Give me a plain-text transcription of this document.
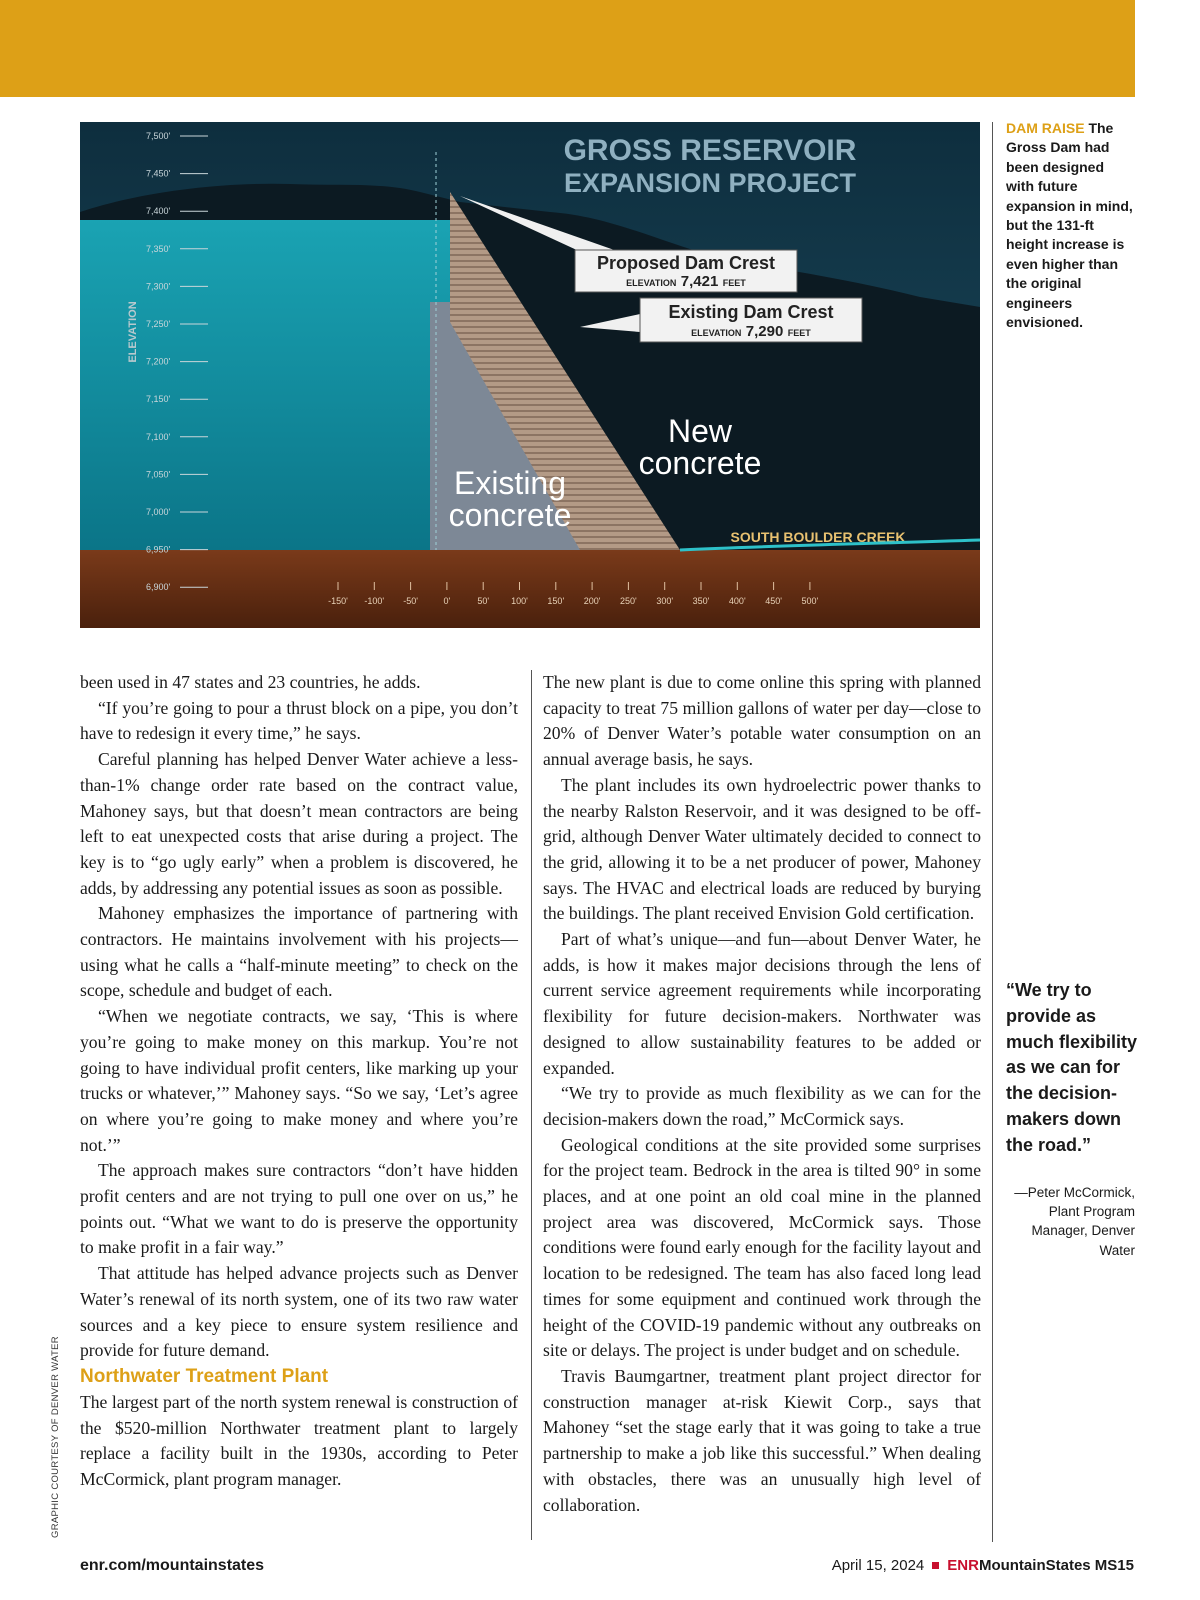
Proposed Dam Crest
ELEVATION 7,421 FEET
Existing Dam Crest
ELEVATION 7,290 FEET
GROSS RESERVOIR
EXPANSION PROJECT
New
concrete
Existing
concrete
SOUTH BOULDER CREEK
ELEVATION
7,500'
7,450'
7,400'
7,350'
7,300'
7,250'
7,200'
7,150'
7,100'
7,050'
7,000'
6,950'
6,900'
-150' -100' -50'	0'	50' 100' 150' 200' 250' 300' 350' 400' 450' 500'
DAM RAISE The Gross Dam had been designed with future expansion in mind, but the 131-ft height increase is even higher than the original engineers envisioned.
“We try to provide as much flexibility as we can for the decision-makers down the road.”
—Peter McCormick, Plant Program Manager, Denver Water

been used in 47 states and 23 countries, he adds.

“If you’re going to pour a thrust block on a pipe, you don’t have to redesign it every time,” he says.

Careful planning has helped Denver Water achieve a less-than-1% change order rate based on the contract value, Mahoney says, but that doesn’t mean contractors are being left to eat unexpected costs that arise during a project. The key is to “go ugly early” when a problem is discovered, he adds, by addressing any potential issues as soon as possible.

Mahoney emphasizes the importance of partnering with contractors. He maintains involvement with his projects—using what he calls a “half-minute meeting” to check on the scope, schedule and budget of each.

“When we negotiate contracts, we say, ‘This is where you’re going to make money on this markup. You’re not going to have individual profit centers, like marking up your trucks or whatever,’” Mahoney says. “So we say, ‘Let’s agree on where you’re going to make money and where you’re not.’”

The approach makes sure contractors “don’t have hidden profit centers and are not trying to pull one over on us,” he points out. “What we want to do is preserve the opportunity to make profit in a fair way.”

That attitude has helped advance projects such as Denver Water’s renewal of its north system, one of its two raw water sources and a key piece to ensure system resilience and provide for future demand.

Northwater Treatment Plant

The largest part of the north system renewal is construction of the $520-million Northwater treatment plant to largely replace a facility built in the 1930s, according to Peter McCormick, plant program manager.

The new plant is due to come online this spring with planned capacity to treat 75 million gallons of water per day—close to 20% of Denver Water’s potable water consumption on an annual average basis, he says.

The plant includes its own hydroelectric power thanks to the nearby Ralston Reservoir, and it was designed to be off-grid, although Denver Water ultimately decided to connect to the grid, allowing it to be a net producer of power, Mahoney says. The HVAC and electrical loads are reduced by burying the buildings. The plant received Envision Gold certification.

Part of what’s unique—and fun—about Denver Water, he adds, is how it makes major decisions through the lens of current service agreement requirements while incorporating flexibility for future decision-makers. Northwater was designed to allow sustainability features to be added or expanded.

“We try to provide as much flexibility as we can for the decision-makers down the road,” McCormick says.

Geological conditions at the site provided some surprises for the project team. Bedrock in the area is tilted 90° in some places, and at one point an old coal mine in the planned project area was discovered, McCormick says. Those conditions were found early enough for the facility layout and location to be redesigned. The team has also faced long lead times for some equipment and continued work through the height of the COVID-19 pandemic without any outbreaks on site or delays. The project is under budget and on schedule.

Travis Baumgartner, treatment plant project director for construction manager at-risk Kiewit Corp., says that Mahoney “set the stage early that it was going to take a true partnership to make a job like this successful.” When dealing with obstacles, there was an unusually high level of collaboration.

GRAPHIC COURTESY OF DENVER WATER
enr.com/mountainstates	April 15, 2024 ENRMountainStates MS15
